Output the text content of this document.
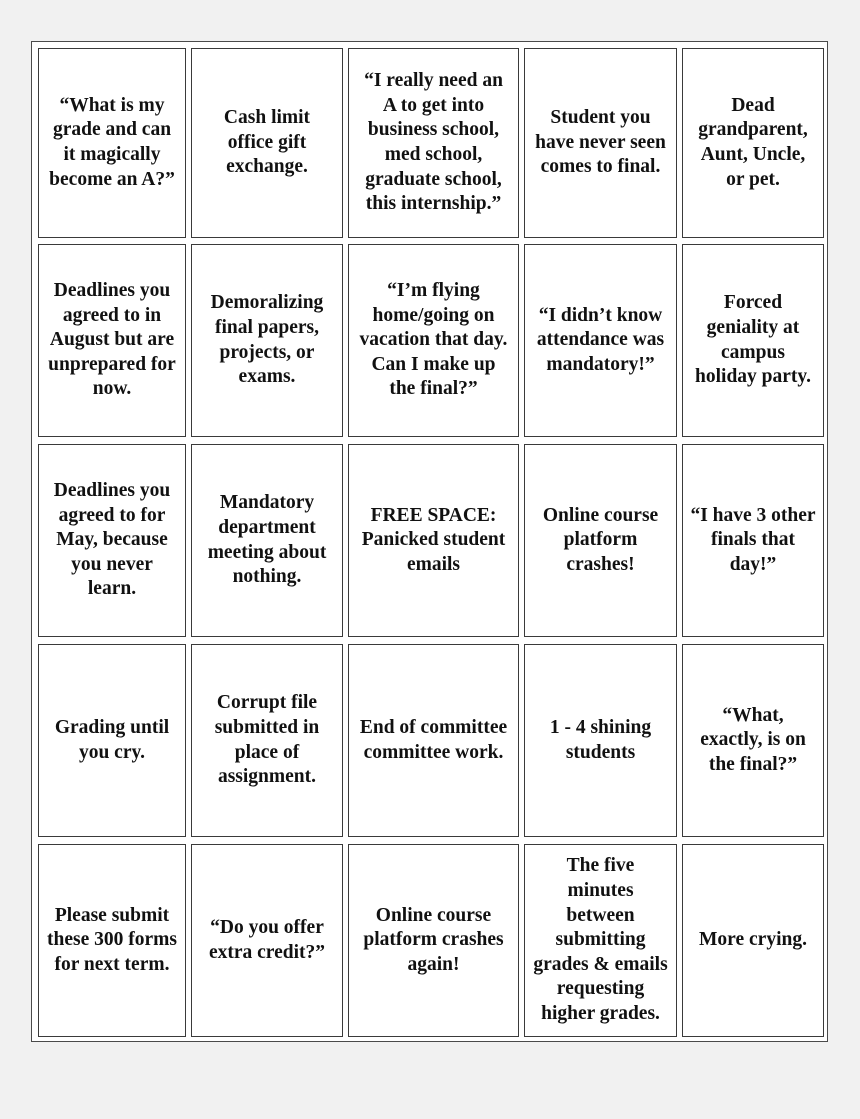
“What is my
grade and can
it magically
become an A?”
Cash limit
office gift
exchange.
“I really need an
A to get into
business school,
med school,
graduate school,
this internship.”
Student you
have never seen
comes to final.
Dead
grandparent,
Aunt, Uncle,
or pet.
Deadlines you
agreed to in
August but are
unprepared for
now.
Demoralizing
final papers,
projects, or
exams.
“I’m flying
home/going on
vacation that day.
Can I make up
the final?”
“I didn’t know
attendance was
mandatory!”
Forced
geniality at
campus
holiday party.
Deadlines you
agreed to for
May, because
you never
learn.
Mandatory
department
meeting about
nothing.
FREE SPACE:
Panicked student
emails
Online course
platform
crashes!
“I have 3 other
finals that
day!”
Grading until
you cry.
Corrupt file
submitted in
place of
assignment.
End of committee
committee work.
1 - 4 shining
students
“What,
exactly, is on
the final?”
Please submit
these 300 forms
for next term.
“Do you offer
extra credit?”
Online course
platform crashes
again!
The five
minutes
between
submitting
grades & emails
requesting
higher grades.
More crying.
